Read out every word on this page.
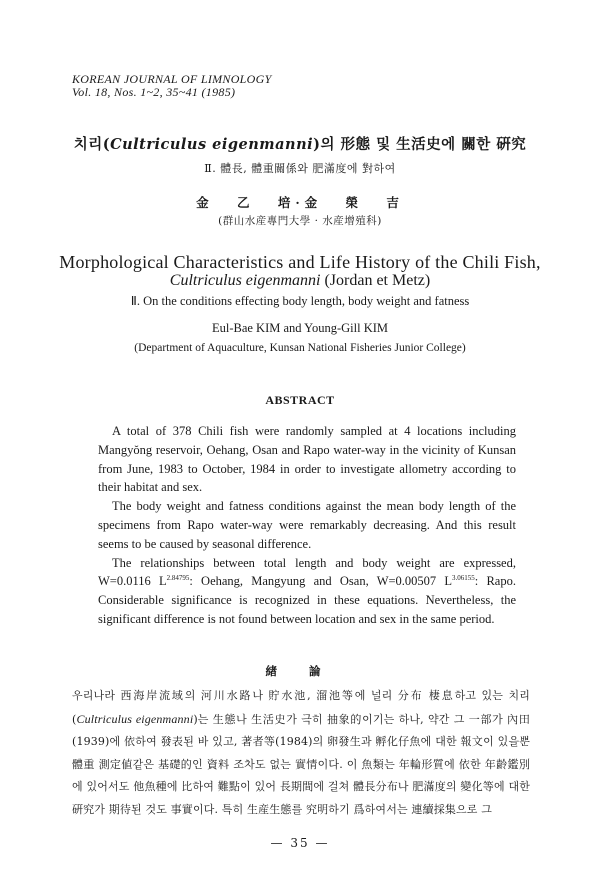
KOREAN JOURNAL OF LIMNOLOGY
Vol. 18, Nos. 1~2, 35~41 (1985)
치리(Cultriculus eigenmanni)의 形態 및 生活史에 關한 硏究
Ⅱ. 體長, 體重關係와 肥滿度에 對하여
金 乙 培·金 榮 吉
(群山水産專門大學 · 水産增殖科)
Morphological Characteristics and Life History of the Chili Fish,
Cultriculus eigenmanni (Jordan et Metz)
Ⅱ. On the conditions effecting body length, body weight and fatness
Eul-Bae KIM and Young-Gill KIM
(Department of Aquaculture, Kunsan National Fisheries Junior College)
ABSTRACT

A total of 378 Chili fish were randomly sampled at 4 locations including Mangyŏng reservoir, Oehang, Osan and Rapo water-way in the vicinity of Kunsan from June, 1983 to October, 1984 in order to investigate allometry according to their habitat and sex.

The body weight and fatness conditions against the mean body length of the specimens from Rapo water-way were remarkably decreasing. And this result seems to be caused by seasonal difference.

The relationships between total length and body weight are expressed, W=0.0116 $L^{2.84795}$: Oehang, Mangyung and Osan, W=0.00507 $L^{3.06155}$: Rapo. Considerable significance is recognized in these equations. Nevertheless, the significant difference is not found between location and sex in the same period.

緖 論
우리나라 西海岸流域의 河川水路나 貯水池, 溜池等에 널리 分布 棲息하고 있는 치리(Cultriculus eigenmanni)는 生態나 生活史가 극히 抽象的이기는 하나, 약간 그 一部가 內田(1939)에 依하여 發表된 바 있고, 著者等(1984)의 卵發生과 孵化仔魚에 대한 報文이 있을뿐 體重 測定値같은 基礎的인 資料 조차도 없는 實情이다. 이 魚類는 年輪形質에 依한 年齡鑑別에 있어서도 他魚種에 比하여 難點이 있어 長期間에 걸쳐 體長分布나 肥滿度의 變化等에 대한 硏究가 期待된 것도 事實이다. 특히 生産生態를 究明하기 爲하여서는 連續採集으로 그
— 35 —
